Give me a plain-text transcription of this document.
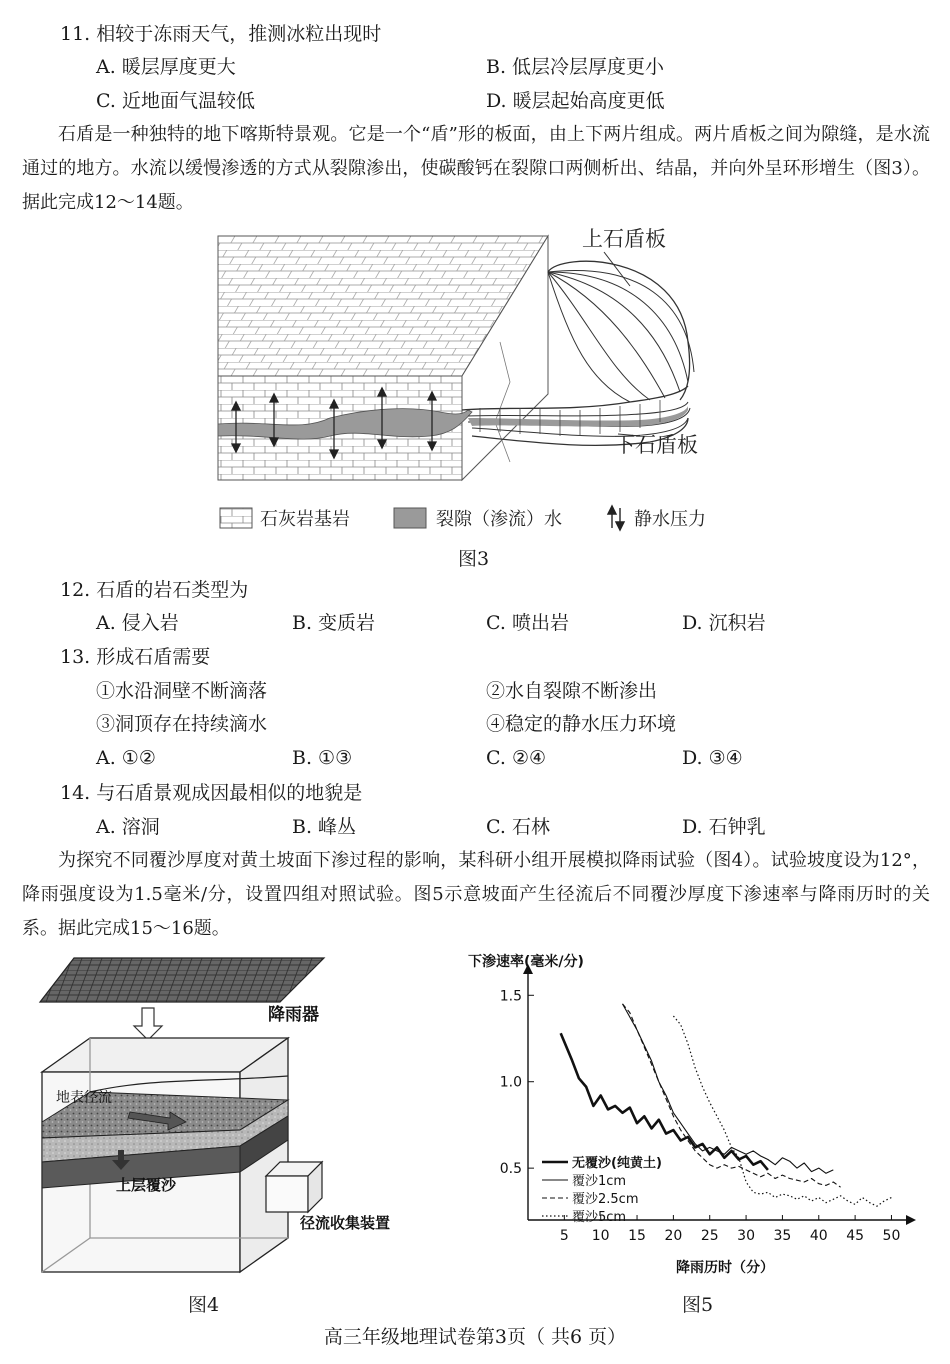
11. 相较于冻雨天气，推测冰粒出现时
A. 暖层厚度更大	B. 低层冷层厚度更小
C. 近地面气温较低	D. 暖层起始高度更低
石盾是一种独特的地下喀斯特景观。它是一个“盾”形的板面，由上下两片组成。两片盾板之间为隙缝，是水流通过的地方。水流以缓慢渗透的方式从裂隙渗出，使碳酸钙在裂隙口两侧析出、结晶，并向外呈环形增生（图3）。据此完成12～14题。
上石盾板
下石盾板
石灰岩基岩	裂隙（渗流）水	静水压力
图3
12. 石盾的岩石类型为
A. 侵入岩	B. 变质岩	C. 喷出岩	D. 沉积岩
13. 形成石盾需要
①水沿洞壁不断滴落	②水自裂隙不断渗出
③洞顶存在持续滴水	④稳定的静水压力环境
A. ①②	B. ①③	C. ②④	D. ③④
14. 与石盾景观成因最相似的地貌是
A. 溶洞	B. 峰丛	C. 石林	D. 石钟乳
为探究不同覆沙厚度对黄土坡面下渗过程的影响，某科研小组开展模拟降雨试验（图4）。试验坡度设为12°，降雨强度设为1.5毫米/分，设置四组对照试验。图5示意坡面产生径流后不同覆沙厚度下渗速率与降雨历时的关系。据此完成15～16题。
降雨器
地表径流
上层覆沙
径流收集装置
图4
5 10 15 20 25 30 35 40 45 50
0.5
1.0
1.5
无覆沙(纯黄土)
覆沙1cm
覆沙2.5cm
覆沙5cm
下渗速率(毫米/分)
降雨历时（分）
图5
高三年级地理试卷第3页（ 共6 页）
